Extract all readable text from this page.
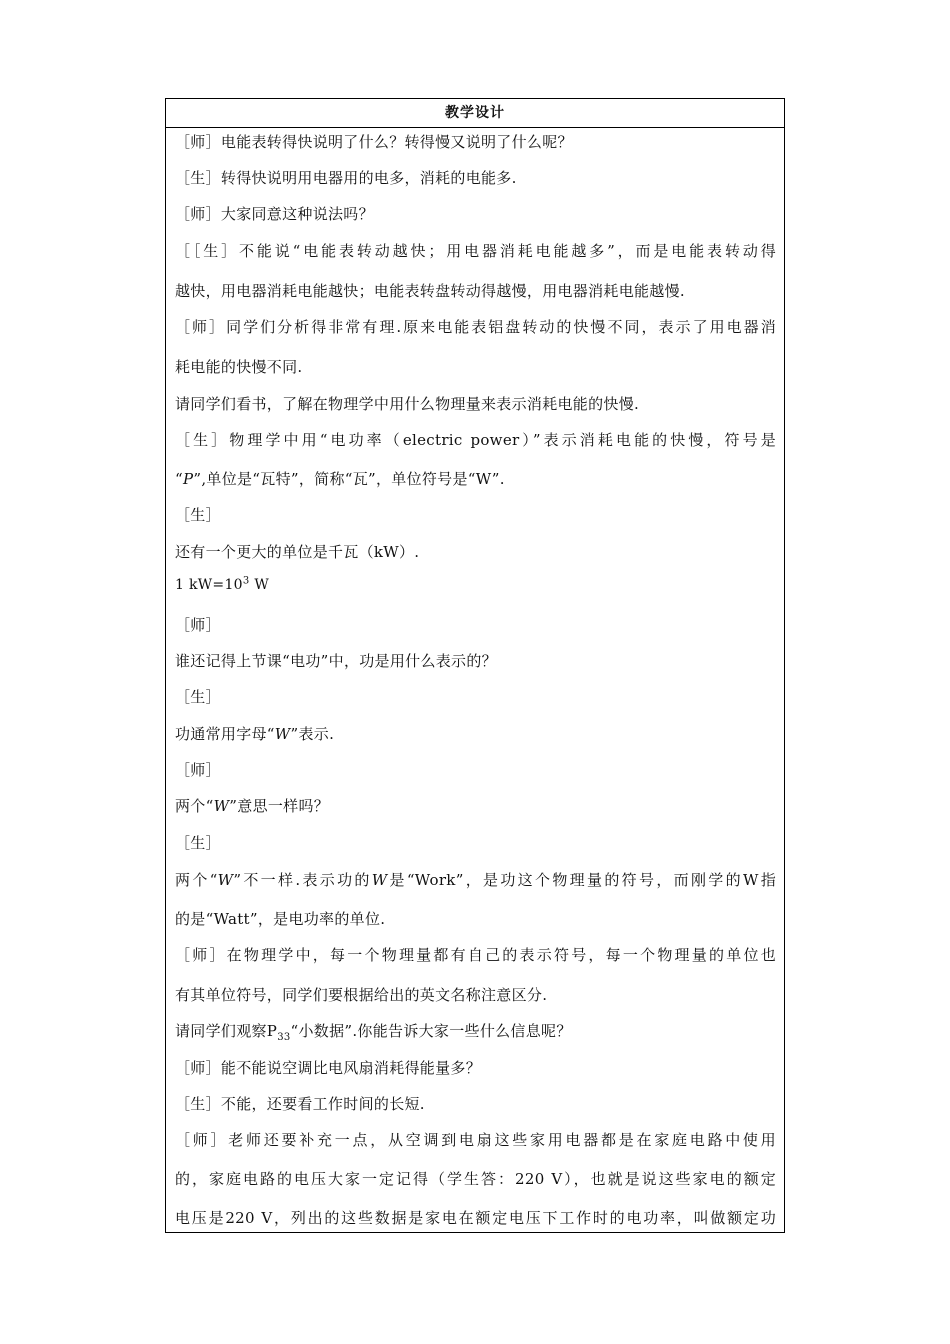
教学设计
［师］电能表转得快说明了什么？转得慢又说明了什么呢？
［生］转得快说明用电器用的电多，消耗的电能多.
［师］大家同意这种说法吗？
［［生］不能说“电能表转动越快；用电器消耗电能越多”，而是电能表转动得
越快，用电器消耗电能越快；电能表转盘转动得越慢，用电器消耗电能越慢.
［师］同学们分析得非常有理.原来电能表铝盘转动的快慢不同，表示了用电器消
耗电能的快慢不同.
请同学们看书，了解在物理学中用什么物理量来表示消耗电能的快慢.
［生］物理学中用“电功率（electric power）”表示消耗电能的快慢，符号是
“P”,单位是“瓦特”，简称“瓦”，单位符号是“W”.
［生］
还有一个更大的单位是千瓦（kW）.
1 $kW=10^3$ W
［师］
谁还记得上节课“电功”中，功是用什么表示的？
［生］
功通常用字母“W”表示.
［师］
两个“W”意思一样吗？
［生］
两个“W”不一样.表示功的W是“Work”，是功这个物理量的符号，而刚学的W指
的是“Watt”，是电功率的单位.
［师］在物理学中，每一个物理量都有自己的表示符号，每一个物理量的单位也
有其单位符号，同学们要根据给出的英文名称注意区分.
请同学们观察$P_{33}“$小数据”.你能告诉大家一些什么信息呢？
［师］能不能说空调比电风扇消耗得能量多？
［生］不能，还要看工作时间的长短.
［师］老师还要补充一点，从空调到电扇这些家用电器都是在家庭电路中使用
的，家庭电路的电压大家一定记得（学生答：220 V），也就是说这些家电的额定
电压是220 V，列出的这些数据是家电在额定电压下工作时的电功率，叫做额定功
